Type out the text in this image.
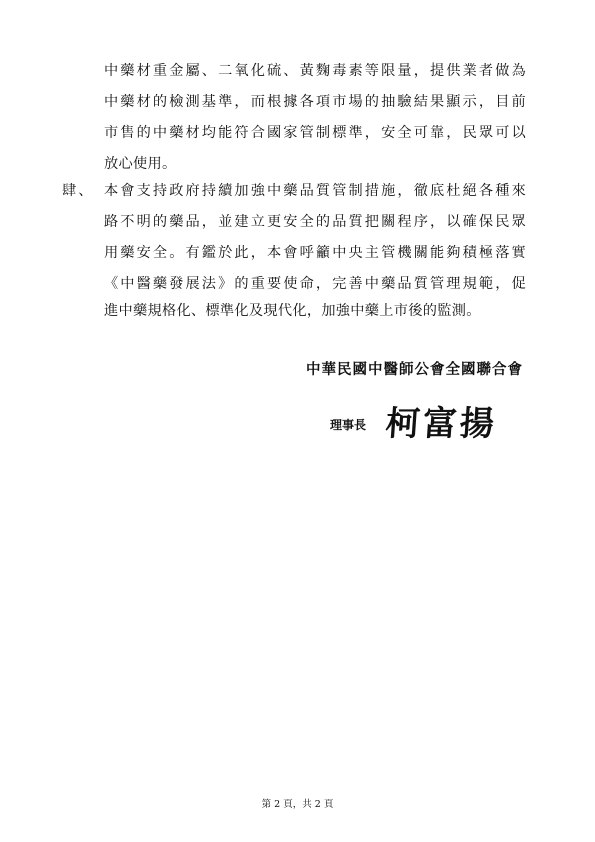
中藥材重金屬、二氧化硫、黃麴毒素等限量，提供業者做為
中藥材的檢測基準，而根據各項市場的抽驗結果顯示，目前
市售的中藥材均能符合國家管制標準，安全可靠，民眾可以
放心使用。
肆、 本會支持政府持續加強中藥品質管制措施，徹底杜絕各種來
路不明的藥品，並建立更安全的品質把關程序，以確保民眾
用藥安全。有鑑於此，本會呼籲中央主管機關能夠積極落實
《中醫藥發展法》的重要使命，完善中藥品質管理規範，促
進中藥規格化、標準化及現代化，加強中藥上市後的監測。
中華民國中醫師公會全國聯合會
理事長 柯富揚
第 2 頁，共 2 頁
